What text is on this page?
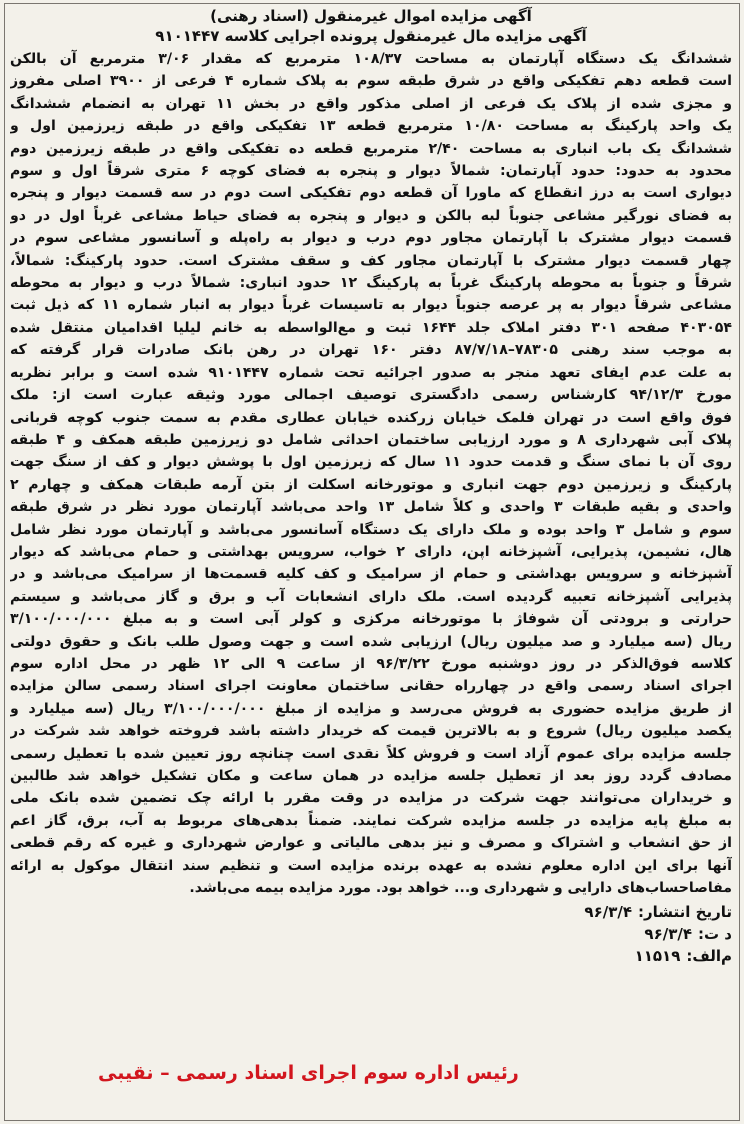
آگهی مزایده اموال غیرمنقول (اسناد رهنی)
آگهی مزایده مال غیرمنقول پرونده اجرایی کلاسه ۹۱۰۱۴۴۷
ششدانگ یک دستگاه آپارتمان به مساحت ۱۰۸/۳۷ مترمربع که مقدار ۳/۰۶ مترمربع آن بالکن
است قطعه دهم تفکیکی واقع در شرق طبقه سوم به پلاک شماره ۴ فرعی از ۳۹۰۰ اصلی مفروز
و مجزی شده از پلاک یک فرعی از اصلی مذکور واقع در بخش ۱۱ تهران به انضمام ششدانگ
یک واحد پارکینگ به مساحت ۱۰/۸۰ مترمربع قطعه ۱۳ تفکیکی واقع در طبقه زیرزمین اول و
ششدانگ یک باب انباری به مساحت ۲/۴۰ مترمربع قطعه ده تفکیکی واقع در طبقه زیرزمین دوم
محدود به حدود: حدود آپارتمان: شمالاً دیوار و پنجره به فضای کوچه ۶ متری شرقاً اول و سوم
دیواری است به درز انقطاع که ماورا آن قطعه دوم تفکیکی است دوم در سه قسمت دیوار و پنجره
به فضای نورگیر مشاعی جنوباً لبه بالکن و دیوار و پنجره به فضای حیاط مشاعی غرباً اول در دو
قسمت دیوار مشترک با آپارتمان مجاور دوم درب و دیوار به راه‌پله و آسانسور مشاعی سوم در
چهار قسمت دیوار مشترک با آپارتمان مجاور کف و سقف مشترک است. حدود پارکینگ: شمالاً،
شرقاً و جنوباً به محوطه پارکینگ غرباً به پارکینگ ۱۲ حدود انباری: شمالاً درب و دیوار به محوطه
مشاعی شرقاً دیوار به پر عرصه جنوباً دیوار به تاسیسات غرباً دیوار به انبار شماره ۱۱ که ذیل ثبت
۴۰۳۰۵۴ صفحه ۳۰۱ دفتر املاک جلد ۱۶۴۴ ثبت و مع‌الواسطه به خانم لیلیا اقدامیان منتقل شده
به موجب سند رهنی ۷۸۳۰۵–۸۷/۷/۱۸ دفتر ۱۶۰ تهران در رهن بانک صادرات قرار گرفته که
به علت عدم ایفای تعهد منجر به صدور اجرائیه تحت شماره ۹۱۰۱۴۴۷ شده است و برابر نظریه
مورخ ۹۴/۱۲/۳ کارشناس رسمی دادگستری توصیف اجمالی مورد وثیقه عبارت است از: ملک
فوق واقع است در تهران فلمک خیابان زرکنده خیابان عطاری مقدم به سمت جنوب کوچه قربانی
پلاک آبی شهرداری ۸ و مورد ارزیابی ساختمان احداثی شامل دو زیرزمین طبقه همکف و ۴ طبقه
روی آن با نمای سنگ و قدمت حدود ۱۱ سال که زیرزمین اول با پوشش دیوار و کف از سنگ جهت
پارکینگ و زیرزمین دوم جهت انباری و موتورخانه اسکلت از بتن آرمه طبقات همکف و چهارم ۲
واحدی و بقیه طبقات ۳ واحدی و کلاً شامل ۱۳ واحد می‌باشد آپارتمان مورد نظر در شرق طبقه
سوم و شامل ۳ واحد بوده و ملک دارای یک دستگاه آسانسور می‌باشد و آپارتمان مورد نظر شامل
هال، نشیمن، پذیرایی، آشپزخانه اپن، دارای ۲ خواب، سرویس بهداشتی و حمام می‌باشد که دیوار
آشپزخانه و سرویس بهداشتی و حمام از سرامیک و کف کلیه قسمت‌ها از سرامیک می‌باشد و در
پذیرایی آشپزخانه تعبیه گردیده است. ملک دارای انشعابات آب و برق و گاز می‌باشد و سیستم
حرارتی و برودتی آن شوفاژ با موتورخانه مرکزی و کولر آبی است و به مبلغ ۳/۱۰۰/۰۰۰/۰۰۰
ریال (سه میلیارد و صد میلیون ریال) ارزیابی شده است و جهت وصول طلب بانک و حقوق دولتی
کلاسه فوق‌الذکر در روز دوشنبه مورخ ۹۶/۳/۲۲ از ساعت ۹ الی ۱۲ ظهر در محل اداره سوم
اجرای اسناد رسمی واقع در چهارراه حقانی ساختمان معاونت اجرای اسناد رسمی سالن مزایده
از طریق مزایده حضوری به فروش می‌رسد و مزایده از مبلغ ۳/۱۰۰/۰۰۰/۰۰۰ ریال (سه میلیارد و
یکصد میلیون ریال) شروع و به بالاترین قیمت که خریدار داشته باشد فروخته خواهد شد شرکت در
جلسه مزایده برای عموم آزاد است و فروش کلاً نقدی است چنانچه روز تعیین شده با تعطیل رسمی
مصادف گردد روز بعد از تعطیل جلسه مزایده در همان ساعت و مکان تشکیل خواهد شد طالبین
و خریداران می‌توانند جهت شرکت در مزایده در وقت مقرر با ارائه چک تضمین شده بانک ملی
به مبلغ پایه مزایده در جلسه مزایده شرکت نمایند. ضمناً بدهی‌های مربوط به آب، برق، گاز اعم
از حق انشعاب و اشتراک و مصرف و نیز بدهی مالیاتی و عوارض شهرداری و غیره که رقم قطعی
آنها برای این اداره معلوم نشده به عهده برنده مزایده است و تنظیم سند انتقال موکول به ارائه
مفاصاحساب‌های دارایی و شهرداری و... خواهد بود. مورد مزایده بیمه می‌باشد.
تاریخ انتشار:
۹۶/۳/۴
د ت:
۹۶/۳/۴
م‌الف:
۱۱۵۱۹
رئیس اداره سوم اجرای اسناد رسمی – نقیبی
